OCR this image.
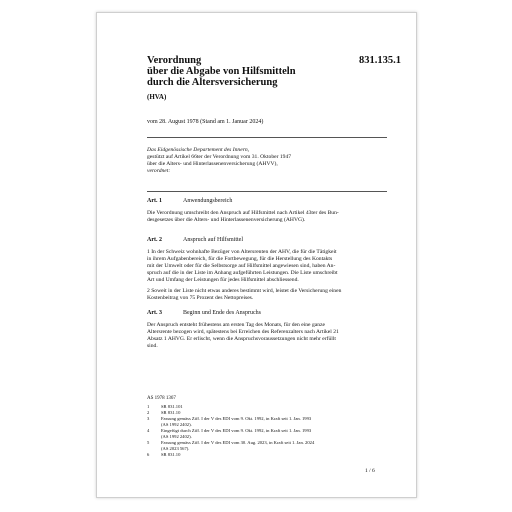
831.135.1
Verordnung
über die Abgabe von Hilfsmitteln
durch die Altersversicherung
(HVA)
vom 28. August 1978 (Stand am 1. Januar 2024)
Das Eidgenössische Departement des Innern,
gestützt auf Artikel 66ter der Verordnung vom 31. Oktober 1947
über die Alters- und Hinterlassenenversicherung (AHVV),
verordnet:
Art. 1	Anwendungsbereich
Die Verordnung umschreibt den Anspruch auf Hilfsmittel nach Artikel 43ter des Bun-
desgesetzes über die Alters- und Hinterlassenenversicherung (AHVG).
Art. 2	Anspruch auf Hilfsmittel
1 In der Schweiz wohnhafte Bezüger von Altersrenten der AHV, die für die Tätigkeit
in ihrem Aufgabenbereich, für die Fortbewegung, für die Herstellung des Kontakts
mit der Umwelt oder für die Selbstsorge auf Hilfsmittel angewiesen sind, haben An-
spruch auf die in der Liste im Anhang aufgeführten Leistungen. Die Liste umschreibt
Art und Umfang der Leistungen für jedes Hilfsmittel abschliessend.
2 Soweit in der Liste nicht etwas anderes bestimmt wird, leistet die Versicherung einen
Kostenbeitrag von 75 Prozent des Nettopreises.
Art. 3	Beginn und Ende des Anspruchs
Der Anspruch entsteht frühestens am ersten Tag des Monats, für den eine ganze
Altersrente bezogen wird, spätestens bei Erreichen des Referenzalters nach Artikel 21
Absatz 1 AHVG. Er erlischt, wenn die Anspruchsvoraussetzungen nicht mehr erfüllt
sind.
AS 1978 1367
1	SR 831.101
2	SR 831.10
3	Fassung gemäss Ziff. I der V des EDI vom 9. Okt. 1992, in Kraft seit 1. Jan. 1993
(AS 1992 2402).
4	Eingefügt durch Ziff. I der V des EDI vom 9. Okt. 1992, in Kraft seit 1. Jan. 1993
(AS 1992 2402).
5	Fassung gemäss Ziff. I der V des EDI vom 30. Aug. 2023, in Kraft seit 1. Jan. 2024
(AS 2023 567).
6	SR 831.10
1 / 6
